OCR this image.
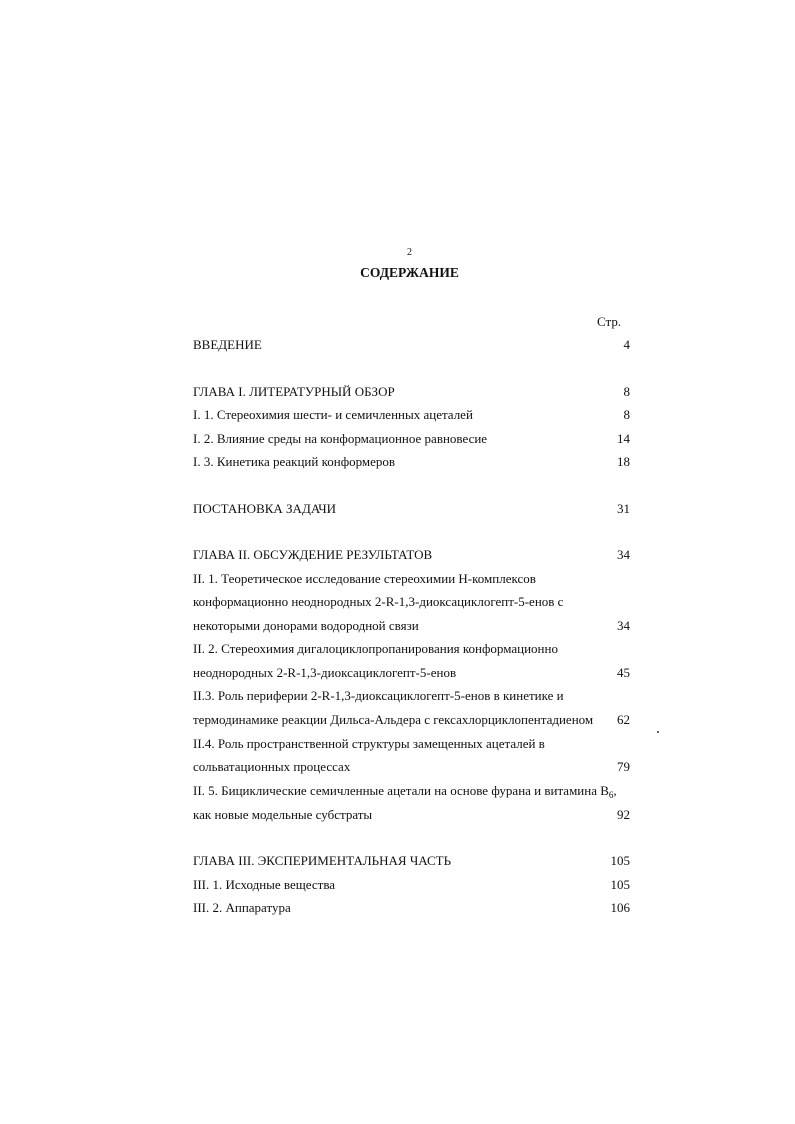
2
СОДЕРЖАНИЕ
Стр.
ВВЕДЕНИЕ	4
ГЛАВА I. ЛИТЕРАТУРНЫЙ ОБЗОР	8
I. 1. Стереохимия шести- и семичленных ацеталей	8
I. 2. Влияние среды на конформационное равновесие	14
I. 3. Кинетика реакций конформеров	18
ПОСТАНОВКА ЗАДАЧИ	31
ГЛАВА II. ОБСУЖДЕНИЕ РЕЗУЛЬТАТОВ	34
II. 1. Теоретическое исследование стереохимии Н-комплексов
конформационно неоднородных 2-R-1,3-диоксациклогепт-5-енов с
некоторыми донорами водородной связи	34
II. 2. Стереохимия дигалоциклопропанирования конформационно
неоднородных 2-R-1,3-диоксациклогепт-5-енов	45
II.3. Роль периферии 2-R-1,3-диоксациклогепт-5-енов в кинетике и
термодинамике реакции Дильса-Альдера с гексахлорциклопентадиеном 62
II.4. Роль пространственной структуры замещенных ацеталей в
сольватационных процессах	79
II. 5. Бициклические семичленные ацетали на основе фурана и витамина $B_6$,
как новые модельные субстраты	92
ГЛАВА III. ЭКСПЕРИМЕНТАЛЬНАЯ ЧАСТЬ	105
III. 1. Исходные вещества	105
III. 2. Аппаратура	106
